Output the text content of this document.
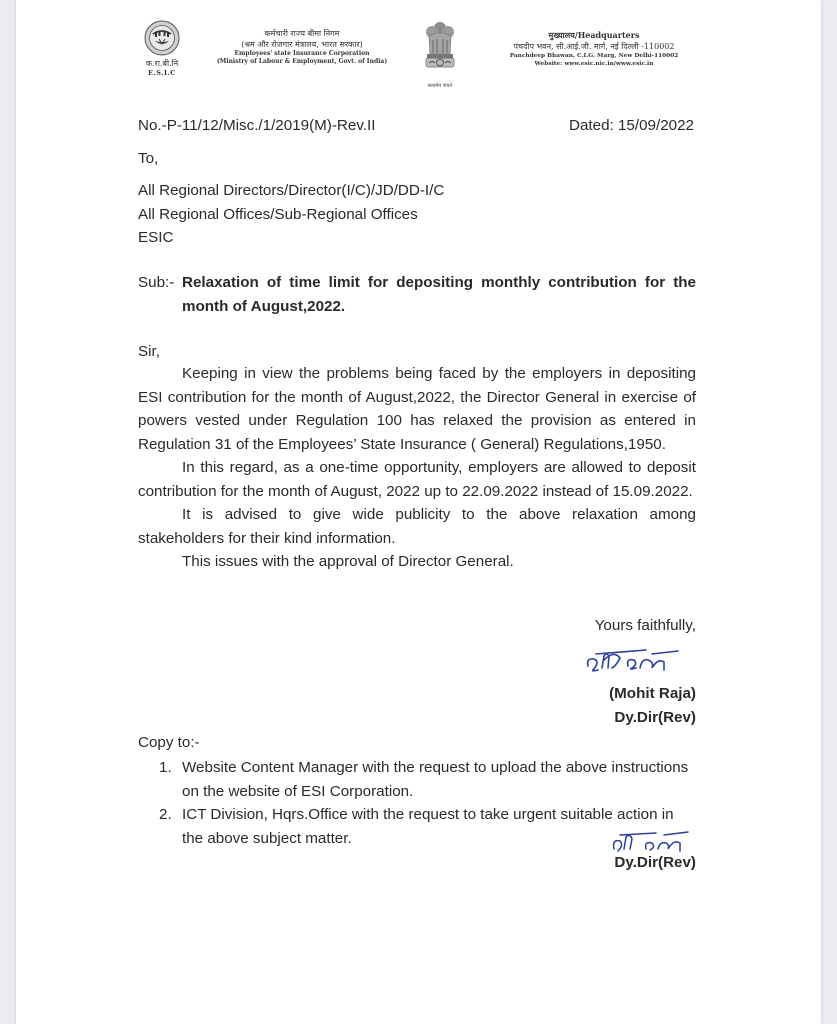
क.रा.बी.नि
E.S.I.C
कर्मचारी राज्य बीमा निगम
(श्रम और रोजगार मंत्रालय, भारत सरकार)
Employees' state Insurance Corporation
(Ministry of Labour & Employment, Govt. of India)
सत्यमेव जयते
मुख्यालय/Headquarters
पंचदीप भवन, सी.आई.जी. मार्ग, नई दिल्ली -110002
Panchdeep Bhawan, C.I.G. Marg, New Delhi-110002
Website: www.esic.nic.in/www.esic.in
No.-P-11/12/Misc./1/2019(M)-Rev.II	Dated: 15/09/2022
To,
All Regional Directors/Director(I/C)/JD/DD-I/C
All Regional Offices/Sub-Regional Offices
ESIC
Sub:- Relaxation of time limit for depositing monthly contribution for the month of August,2022.
Sir,

Keeping in view the problems being faced by the employers in depositing ESI contribution for the month of August,2022, the Director General in exercise of powers vested under Regulation 100 has relaxed the provision as entered in Regulation 31 of the Employees’ State Insurance ( General) Regulations,1950.

In this regard, as a one-time opportunity, employers are allowed to deposit contribution for the month of August, 2022 up to 22.09.2022 instead of 15.09.2022.

It is advised to give wide publicity to the above relaxation among stakeholders for their kind information.

This issues with the approval of Director General.

Yours faithfully,
(Mohit Raja)
Dy.Dir(Rev)
Copy to:-
1. Website Content Manager with the request to upload the above instructions on the website of ESI Corporation.
2. ICT Division, Hqrs.Office with the request to take urgent suitable action in the above subject matter.
Dy.Dir(Rev)
